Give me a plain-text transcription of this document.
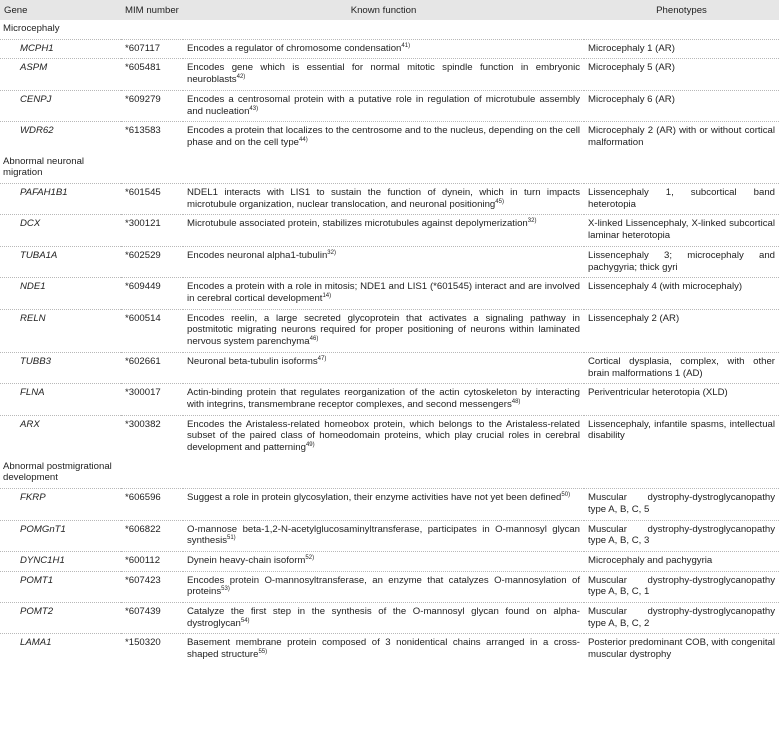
Gene	MIM number	Known function	Phenotypes
Microcephaly			
MCPH1	*607117	Encodes a regulator of chromosome condensation$^{41)}$	Microcephaly 1 (AR)
ASPM	*605481	Encodes gene which is essential for normal mitotic spindle function in embryonic neuroblasts$^{42)}$	Microcephaly 5 (AR)
CENPJ	*609279	Encodes a centrosomal protein with a putative role in regulation of microtubule assembly and nucleation$^{43)}$	Microcephaly 6 (AR)
WDR62	*613583	Encodes a protein that localizes to the centrosome and to the nucleus, depending on the cell phase and on the cell type$^{44)}$	Microcephaly 2 (AR) with or without cortical malformation
Abnormal neuronal migration			
PAFAH1B1	*601545	NDEL1 interacts with LIS1 to sustain the function of dynein, which in turn impacts microtubule organization, nuclear translocation, and neuronal positioning$^{45)}$	Lissencephaly 1, subcortical band heterotopia
DCX	*300121	Microtubule associated protein, stabilizes microtubules against depolymerization$^{32)}$	X-linked Lissencephaly, X-linked subcortical laminar heterotopia
TUBA1A	*602529	Encodes neuronal alpha1-tubulin$^{32)}$	Lissencephaly 3; microcephaly and pachygyria; thick gyri
NDE1	*609449	Encodes a protein with a role in mitosis; NDE1 and LIS1 (*601545) interact and are involved in cerebral cortical development$^{14)}$	Lissencephaly 4 (with microcephaly)
RELN	*600514	Encodes reelin, a large secreted glycoprotein that activates a signaling pathway in postmitotic migrating neurons required for proper positioning of neurons within laminated nervous system parenchyma$^{46)}$	Lissencephaly 2 (AR)
TUBB3	*602661	Neuronal beta-tubulin isoforms$^{47)}$	Cortical dysplasia, complex, with other brain malformations 1 (AD)
FLNA	*300017	Actin-binding protein that regulates reorganization of the actin cytoskeleton by interacting with integrins, transmembrane receptor complexes, and second messengers$^{48)}$	Periventricular heterotopia (XLD)
ARX	*300382	Encodes the Aristaless-related homeobox protein, which belongs to the Aristaless-related subset of the paired class of homeodomain proteins, which play crucial roles in cerebral development and patterning$^{49)}$	Lissencephaly, infantile spasms, intellectual disability
Abnormal postmigrational development			
FKRP	*606596	Suggest a role in protein glycosylation, their enzyme activities have not yet been defined$^{50)}$	Muscular dystrophy-dystroglycanopathy type A, B, C, 5
POMGnT1	*606822	O-mannose beta-1,2-N-acetylglucosaminyltransferase, participates in O-mannosyl glycan synthesis$^{51)}$	Muscular dystrophy-dystroglycanopathy type A, B, C, 3
DYNC1H1	*600112	Dynein heavy-chain isoform$^{52)}$	Microcephaly and pachygyria
POMT1	*607423	Encodes protein O-mannosyltransferase, an enzyme that catalyzes O-mannosylation of proteins$^{53)}$	Muscular dystrophy-dystroglycanopathy type A, B, C, 1
POMT2	*607439	Catalyze the first step in the synthesis of the O-mannosyl glycan found on alpha-dystroglycan$^{54)}$	Muscular dystrophy-dystroglycanopathy type A, B, C, 2
LAMA1	*150320	Basement membrane protein composed of 3 nonidentical chains arranged in a cross-shaped structure$^{55)}$	Posterior predominant COB, with congenital muscular dystrophy
